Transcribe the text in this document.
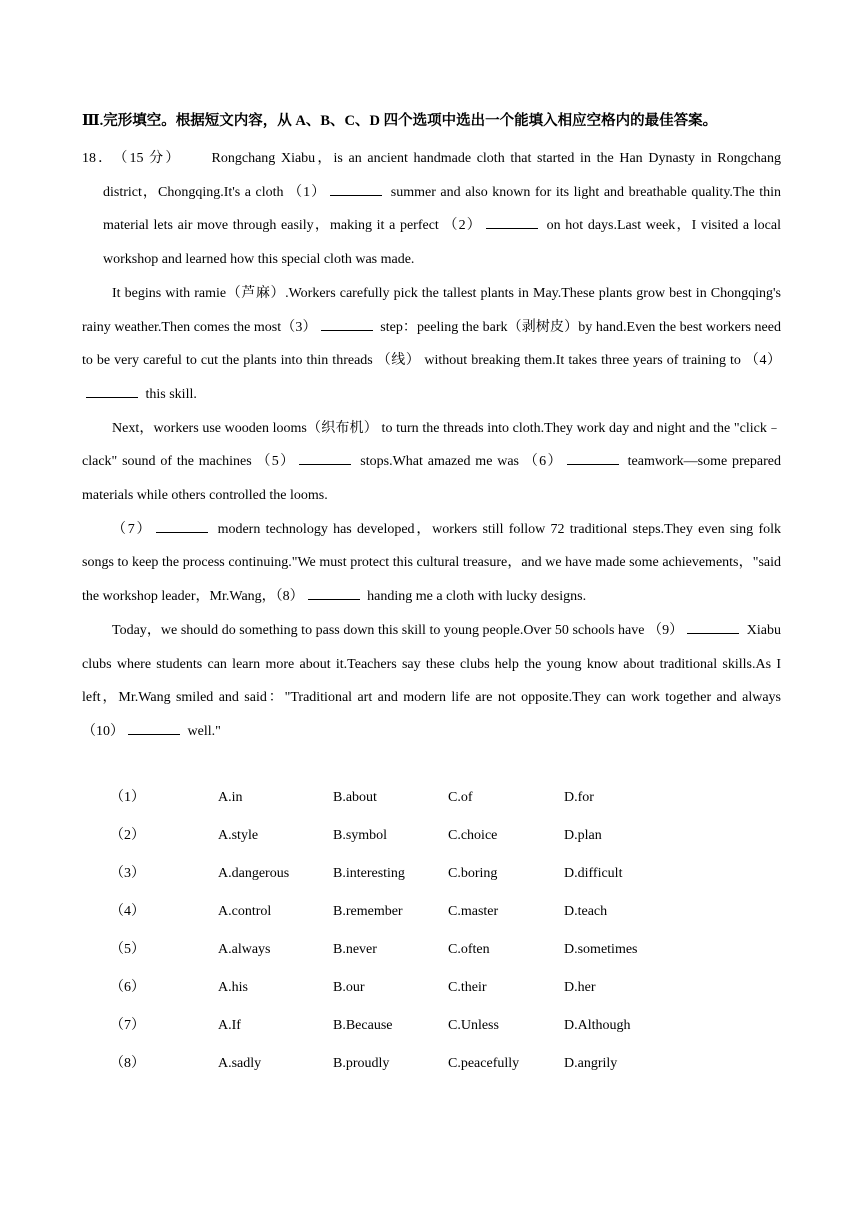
Ⅲ.完形填空。根据短文内容，从 A、B、C、D 四个选项中选出一个能填入相应空格内的最佳答案。

18． （15 分） Rongchang Xiabu，is an ancient handmade cloth that started in the Han Dynasty in Rongchang district，Chongqing.It's a cloth （1）	summer and also known for its light and breathable quality.The thin material lets air move through easily，making it a perfect （2）	on hot days.Last week，I visited a local workshop and learned how this special cloth was made.

It begins with ramie（芦麻）.Workers carefully pick the tallest plants in May.These plants grow best in Chongqing's rainy weather.Then comes the most（3）	step：peeling the bark（剥树皮）by hand.Even the best workers need to be very careful to cut the plants into thin threads （线） without breaking them.It takes three years of training to （4） this skill.

Next，workers use wooden looms（织布机） to turn the threads into cloth.They work day and night and the "click﹣clack" sound of the machines （5）	stops.What amazed me was （6）	teamwork—some prepared materials while others controlled the looms.

（7）	modern technology has developed，workers still follow 72 traditional steps.They even sing folk songs to keep the process continuing."We must protect this cultural treasure，and we have made some achievements，"said the workshop leader，Mr.Wang，（8）	handing me a cloth with lucky designs.

Today，we should do something to pass down this skill to young people.Over 50 schools have （9）	Xiabu clubs where students can learn more about it.Teachers say these clubs help the young know about traditional skills.As I left，Mr.Wang smiled and said："Traditional art and modern life are not opposite.They can work together and always （10）	well."

（1）	A.in	B.about	C.of	D.for
（2）	A.style	B.symbol	C.choice	D.plan
（3）	A.dangerous	B.interesting	C.boring	D.difficult
（4）	A.control	B.remember	C.master	D.teach
（5）	A.always	B.never	C.often	D.sometimes
（6）	A.his	B.our	C.their	D.her
（7）	A.If	B.Because	C.Unless	D.Although
（8）	A.sadly	B.proudly	C.peacefully	D.angrily
